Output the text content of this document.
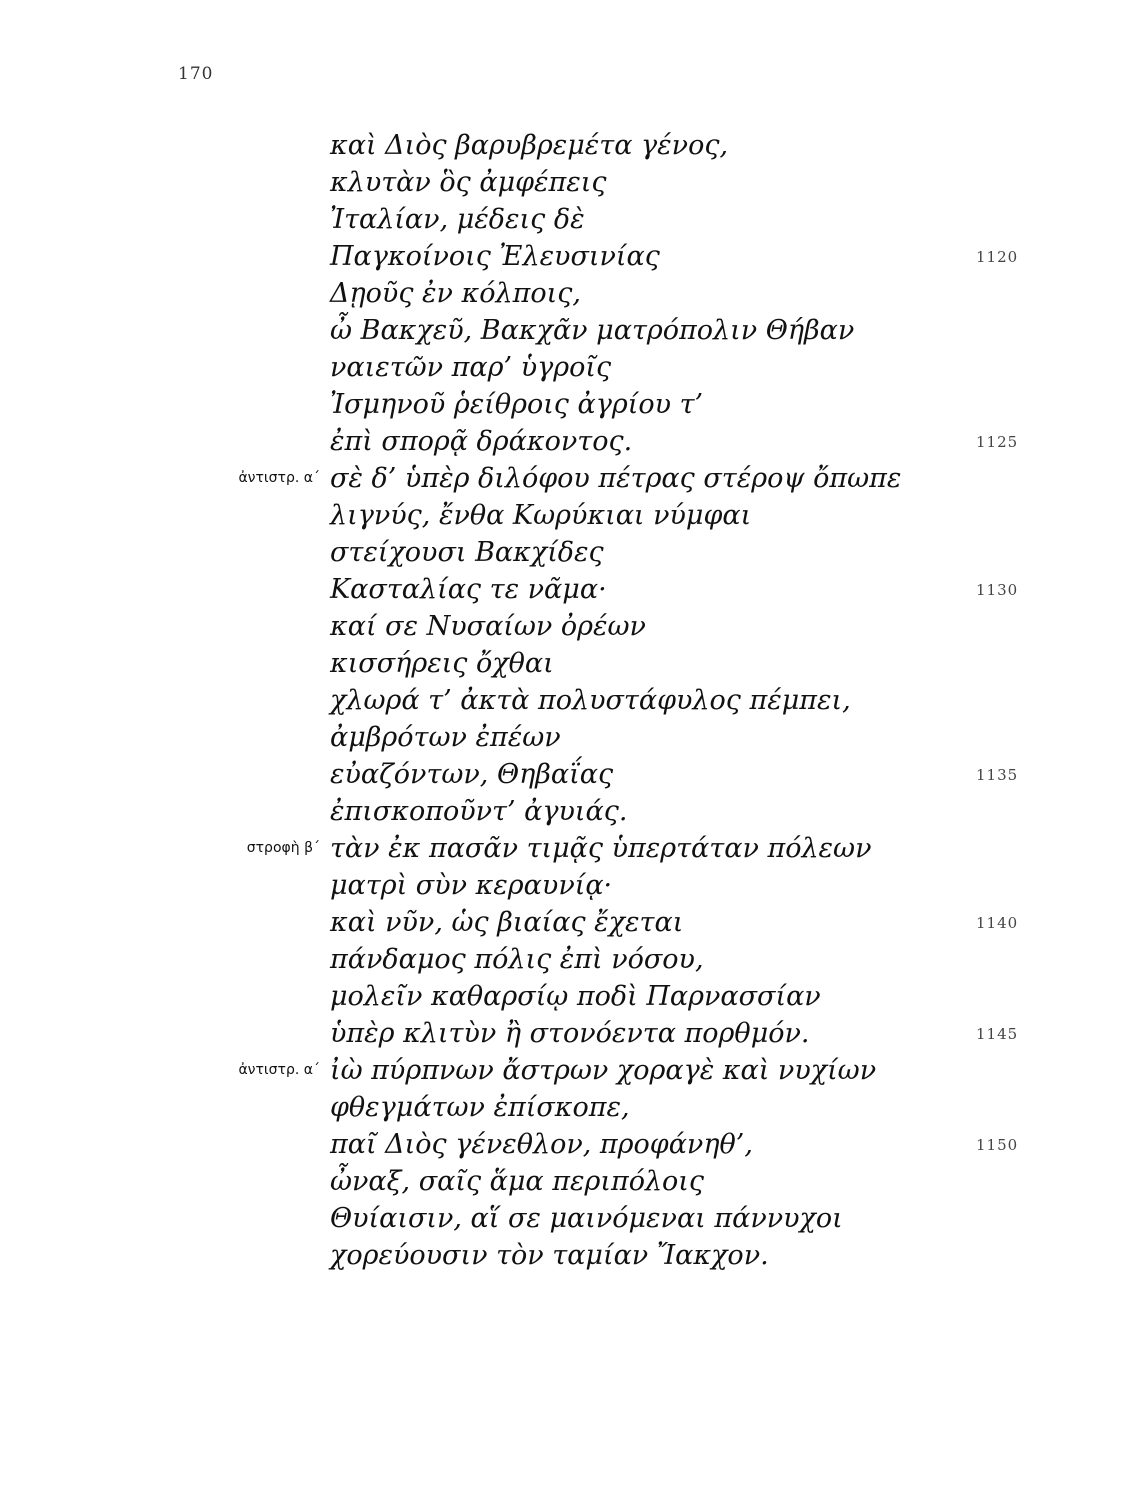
170
καὶ Διὸς βαρυβρεμέτα γένος,
κλυτὰν ὃς ἀμφέπεις
Ἰταλίαν, μέδεις δὲ
Παγκοίνοις Ἐλευσινίας	1120
Δῃοῦς ἐν κόλποις,
ὦ Βακχεῦ, Βακχᾶν ματρόπολιν Θήβαν
ναιετῶν παρ’ ὑγροῖς
Ἰσμηνοῦ ῥείθροις ἀγρίου τ’
ἐπὶ σπορᾷ δράκοντος.	1125
ἀντιστρ. α΄ σὲ δ’ ὑπὲρ διλόφου πέτρας στέροψ ὄπωπε
λιγνύς, ἔνθα Κωρύκιαι νύμφαι
στείχουσι Βακχίδες
Κασταλίας τε νᾶμα·	1130
καί σε Νυσαίων ὀρέων
κισσήρεις ὄχθαι
χλωρά τ’ ἀκτὰ πολυστάφυλος πέμπει,
ἀμβρότων ἐπέων
εὐαζόντων, Θηβαΐας	1135
ἐπισκοποῦντ’ ἀγυιάς.
στροφὴ β΄ τὰν ἐκ πασᾶν τιμᾷς ὑπερτάταν πόλεων
ματρὶ σὺν κεραυνίᾳ·
καὶ νῦν, ὡς βιαίας ἔχεται	1140
πάνδαμος πόλις ἐπὶ νόσου,
μολεῖν καθαρσίῳ ποδὶ Παρνασσίαν
ὑπὲρ κλιτὺν ἢ στονόεντα πορθμόν.	1145
ἀντιστρ. α΄ ἰὼ πύρπνων ἄστρων χοραγὲ καὶ νυχίων
φθεγμάτων ἐπίσκοπε,
παῖ Διὸς γένεθλον, προφάνηθ’,	1150
ὦναξ, σαῖς ἅμα περιπόλοις
Θυίαισιν, αἵ σε μαινόμεναι πάννυχοι
χορεύουσιν τὸν ταμίαν Ἴακχον.
